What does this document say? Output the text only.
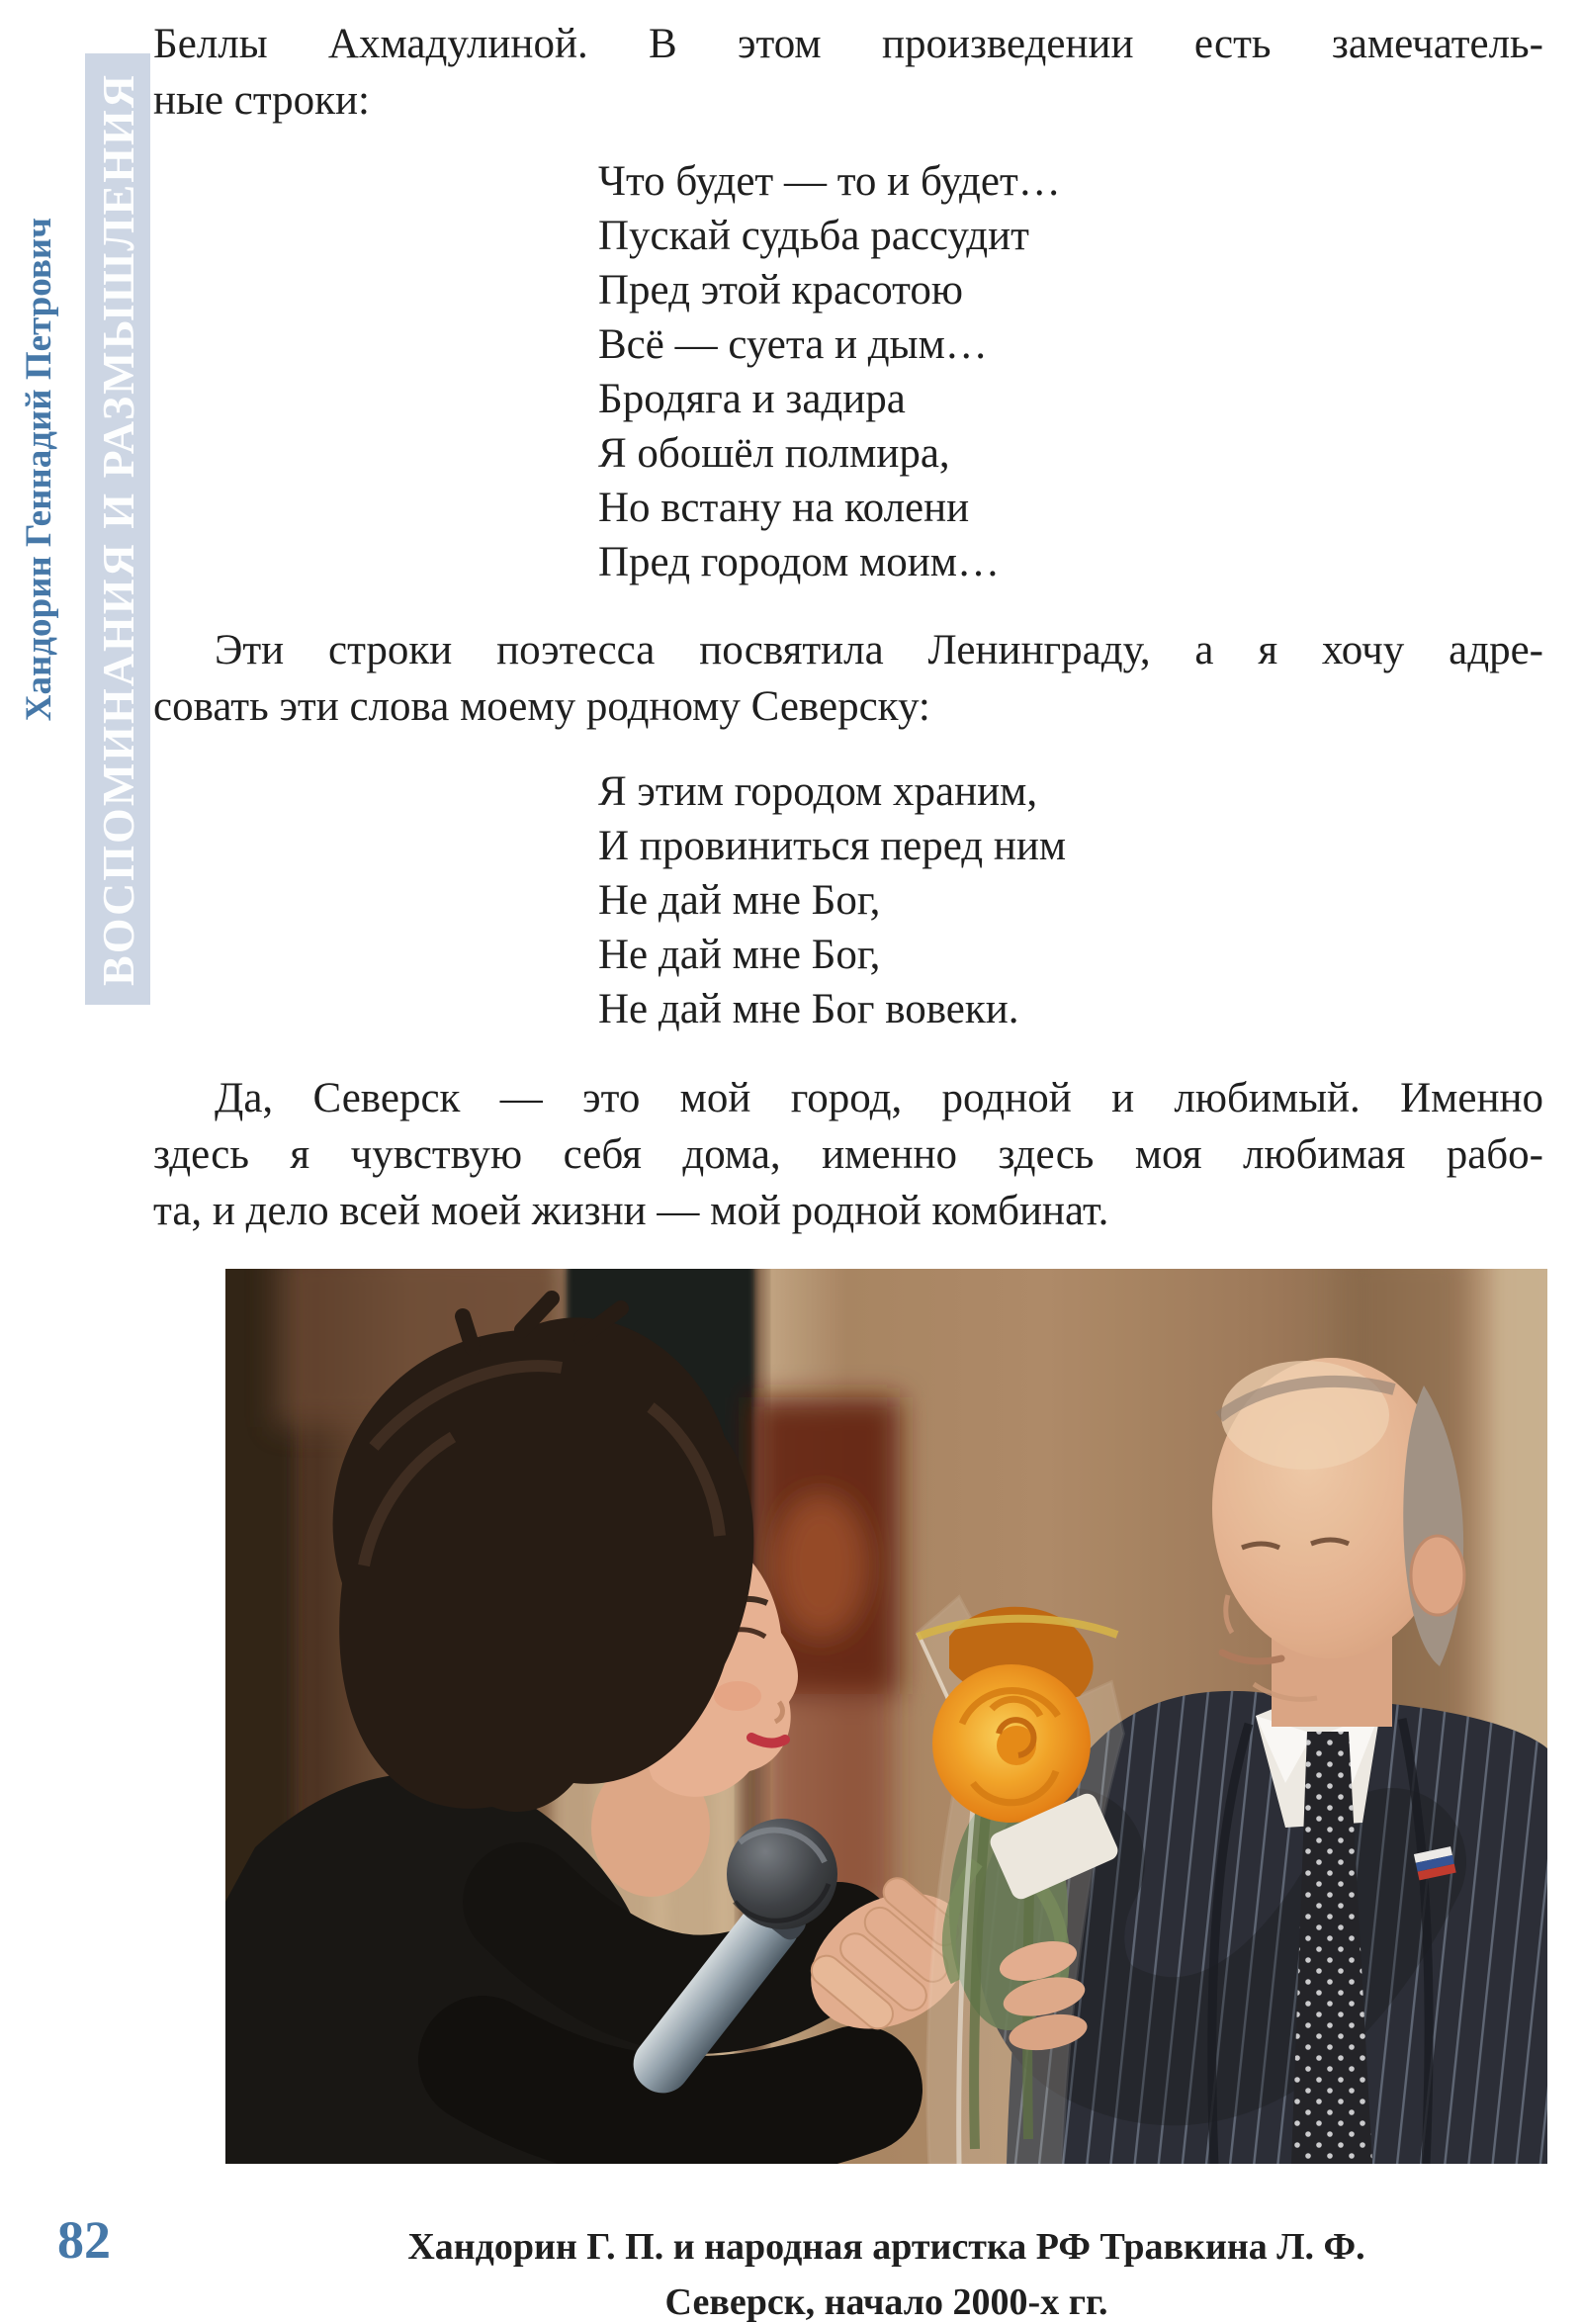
ВОСПОМИНАНИЯ И РАЗМЫШЛЕНИЯ
Хандорин Геннадий Петрович
Беллы Ахмадулиной. В этом произведении есть замечатель-
ные строки:
Что будет — то и будет…
Пускай судьба рассудит
Пред этой красотою
Всё — суета и дым…
Бродяга и задира
Я обошёл полмира,
Но встану на колени
Пред городом моим…
Эти строки поэтесса посвятила Ленинграду, а я хочу адре-
совать эти слова моему родному Северску:
Я этим городом храним,
И провиниться перед ним
Не дай мне Бог,
Не дай мне Бог,
Не дай мне Бог вовеки.
Да, Северск — это мой город, родной и любимый. Именно
здесь я чувствую себя дома, именно здесь моя любимая рабо-
та, и дело всей моей жизни — мой родной комбинат.
Хандорин Г. П. и народная артистка РФ Травкина Л. Ф.
Северск, начало 2000-х гг.
82
